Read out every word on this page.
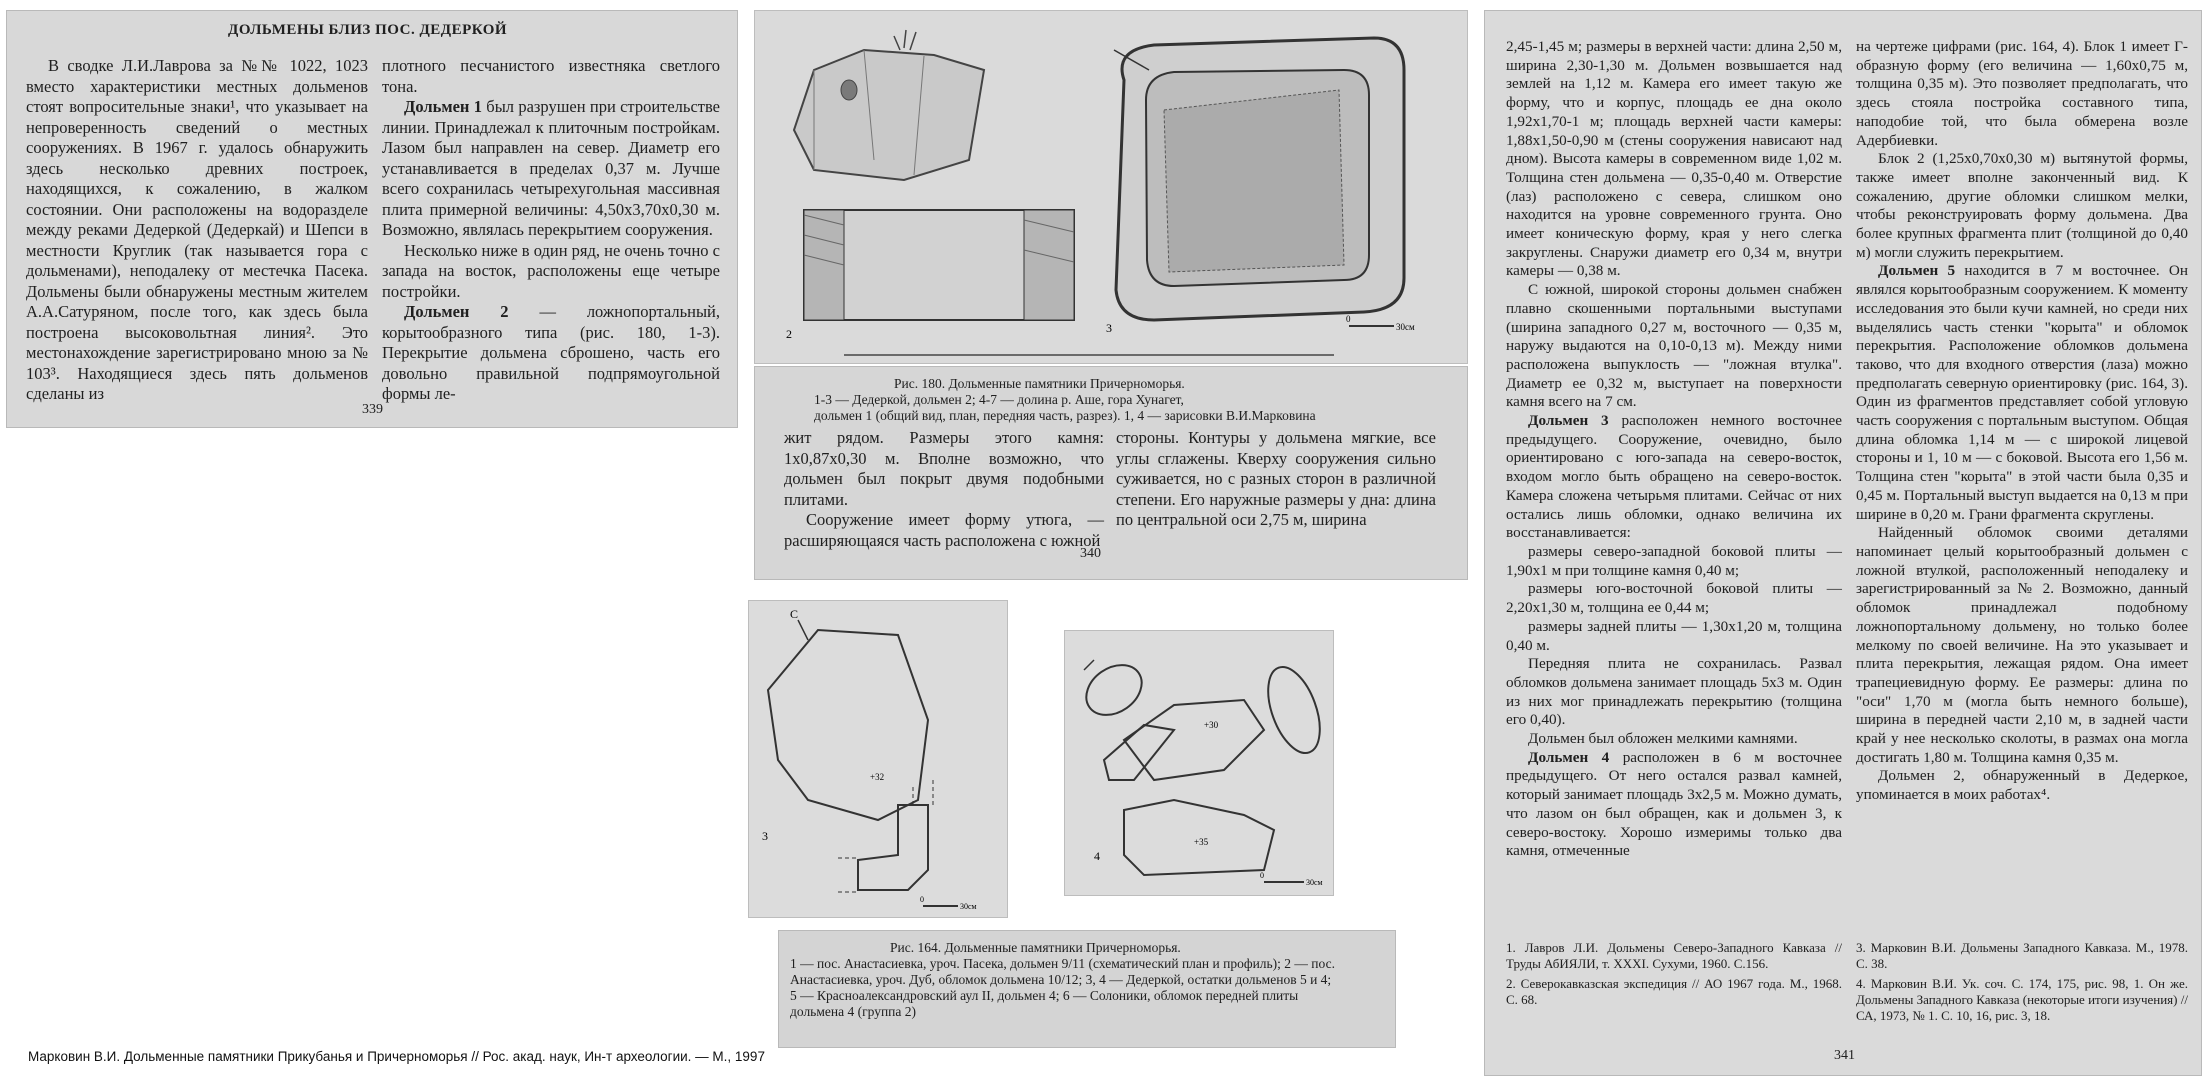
ДОЛЬМЕНЫ БЛИЗ ПОС. ДЕДЕРКОЙ

В сводке Л.И.Лаврова за №№ 1022, 1023 вместо характеристики местных дольменов стоят вопросительные знаки¹, что указывает на непроверенность сведений о местных сооружениях. В 1967 г. удалось обнаружить здесь несколько древних построек, находящихся, к сожалению, в жалком состоянии. Они расположены на водоразделе между реками Дедеркой (Дедеркай) и Шепси в местности Круглик (так называется гора с дольменами), неподалеку от местечка Пасека. Дольмены были обнаружены местным жителем А.А.Сатуряном, после того, как здесь была построена высоковольтная линия². Это местонахождение зарегистрировано мною за № 103³. Находящиеся здесь пять дольменов сделаны из

плотного песчанистого известняка светлого тона.

Дольмен 1 был разрушен при строительстве линии. Принадлежал к плиточным постройкам. Лазом был направлен на север. Диаметр его устанавливается в пределах 0,37 м. Лучше всего сохранилась четырехугольная массивная плита примерной величины: 4,50х3,70х0,30 м. Возможно, являлась перекрытием сооружения.

Несколько ниже в один ряд, не очень точно с запада на восток, расположены еще четыре постройки.

Дольмен 2 — ложнопортальный, корытообразного типа (рис. 180, 1-3). Перекрытие дольмена сброшено, часть его довольно правильной подпрямоугольной формы ле-

339
2	3
0
30см
Рис. 180. Дольменные памятники Причерноморья.
1-3 — Дедеркой, дольмен 2; 4-7 — долина р. Аше, гора Хунагет,
дольмен 1 (общий вид, план, передняя часть, разрез). 1, 4 — зарисовки В.И.Марковина

жит рядом. Размеры этого камня: 1х0,87х0,30 м. Вполне возможно, что дольмен был покрыт двумя подобными плитами.

Сооружение имеет форму утюга, — расширяющаяся часть расположена с южной

стороны. Контуры у дольмена мягкие, все углы сглажены. Кверху сооружения сильно суживается, но с разных сторон в различной степени. Его наружные размеры у дна: длина по центральной оси 2,75 м, ширина

340
С
+32
3
0
30см
+30
+35
4
0
30см
Рис. 164. Дольменные памятники Причерноморья.
1 — пос. Анастасиевка, уроч. Пасека, дольмен 9/11 (схематический план и профиль); 2 — пос.
Анастасиевка, уроч. Дуб, обломок дольмена 10/12; 3, 4 — Дедеркой, остатки дольменов 5 и 4;
5 — Красноалександровский аул II, дольмен 4; 6 — Солоники, обломок передней плиты
дольмена 4 (группа 2)

2,45-1,45 м; размеры в верхней части: длина 2,50 м, ширина 2,30-1,30 м. Дольмен возвышается над землей на 1,12 м. Камера его имеет такую же форму, что и корпус, площадь ее дна около 1,92х1,70-1 м; площадь верхней части камеры: 1,88х1,50-0,90 м (стены сооружения нависают над дном). Высота камеры в современном виде 1,02 м. Толщина стен дольмена — 0,35-0,40 м. Отверстие (лаз) расположено с севера, слишком оно находится на уровне современного грунта. Оно имеет коническую форму, края у него слегка закруглены. Снаружи диаметр его 0,34 м, внутри камеры — 0,38 м.

С южной, широкой стороны дольмен снабжен плавно скошенными портальными выступами (ширина западного 0,27 м, восточного — 0,35 м, наружу выдаются на 0,10-0,13 м). Между ними расположена выпуклость — "ложная втулка". Диаметр ее 0,32 м, выступает на поверхности камня всего на 7 см.

Дольмен 3 расположен немного восточнее предыдущего. Сооружение, очевидно, было ориентировано с юго-запада на северо-восток, входом могло быть обращено на северо-восток. Камера сложена четырьмя плитами. Сейчас от них остались лишь обломки, однако величина их восстанавливается:

размеры северо-западной боковой плиты — 1,90х1 м при толщине камня 0,40 м;

размеры юго-восточной боковой плиты — 2,20х1,30 м, толщина ее 0,44 м;

размеры задней плиты — 1,30х1,20 м, толщина 0,40 м.

Передняя плита не сохранилась. Развал обломков дольмена занимает площадь 5х3 м. Один из них мог принадлежать перекрытию (толщина его 0,40).

Дольмен был обложен мелкими камнями.

Дольмен 4 расположен в 6 м восточнее предыдущего. От него остался развал камней, который занимает площадь 3х2,5 м. Можно думать, что лазом он был обращен, как и дольмен 3, к северо-востоку. Хорошо измеримы только два камня, отмеченные

на чертеже цифрами (рис. 164, 4). Блок 1 имеет Г-образную форму (его величина — 1,60х0,75 м, толщина 0,35 м). Это позволяет предполагать, что здесь стояла постройка составного типа, наподобие той, что была обмерена возле Адербиевки.

Блок 2 (1,25х0,70х0,30 м) вытянутой формы, также имеет вполне законченный вид. К сожалению, другие обломки слишком мелки, чтобы реконструировать форму дольмена. Два более крупных фрагмента плит (толщиной до 0,40 м) могли служить перекрытием.

Дольмен 5 находится в 7 м восточнее. Он являлся корытообразным сооружением. К моменту исследования это были кучи камней, но среди них выделялись часть стенки "корыта" и обломок перекрытия. Расположение обломков дольмена таково, что для входного отверстия (лаза) можно предполагать северную ориентировку (рис. 164, 3). Один из фрагментов представляет собой угловую часть сооружения с портальным выступом. Общая длина обломка 1,14 м — с широкой лицевой стороны и 1, 10 м — с боковой. Высота его 1,56 м. Толщина стен "корыта" в этой части была 0,35 и 0,45 м. Портальный выступ выдается на 0,13 м при ширине в 0,20 м. Грани фрагмента скруглены.

Найденный обломок своими деталями напоминает целый корытообразный дольмен с ложной втулкой, расположенный неподалеку и зарегистрированный за № 2. Возможно, данный обломок принадлежал подобному ложнопортальному дольмену, но только более мелкому по своей величине. На это указывает и плита перекрытия, лежащая рядом. Она имеет трапециевидную форму. Ее размеры: длина по "оси" 1,70 м (могла быть немного больше), ширина в передней части 2,10 м, в задней части край у нее несколько сколоты, в размах она могла достигать 1,80 м. Толщина камня 0,35 м.

Дольмен 2, обнаруженный в Дедеркое, упоминается в моих работах⁴.

1. Лавров Л.И. Дольмены Северо-Западного Кавказа // Труды АбИЯЛИ, т. XXXI. Сухуми, 1960. С.156.
2. Северокавказская экспедиция // АО 1967 года. М., 1968. С. 68.
3. Марковин В.И. Дольмены Западного Кавказа. М., 1978. С. 38.
4. Марковин В.И. Ук. соч. С. 174, 175, рис. 98, 1. Он же. Дольмены Западного Кавказа (некоторые итоги изучения) // СА, 1973, № 1. С. 10, 16, рис. 3, 18.
341
Марковин В.И. Дольменные памятники Прикубанья и Причерноморья // Рос. акад. наук, Ин-т археологии. — М., 1997
